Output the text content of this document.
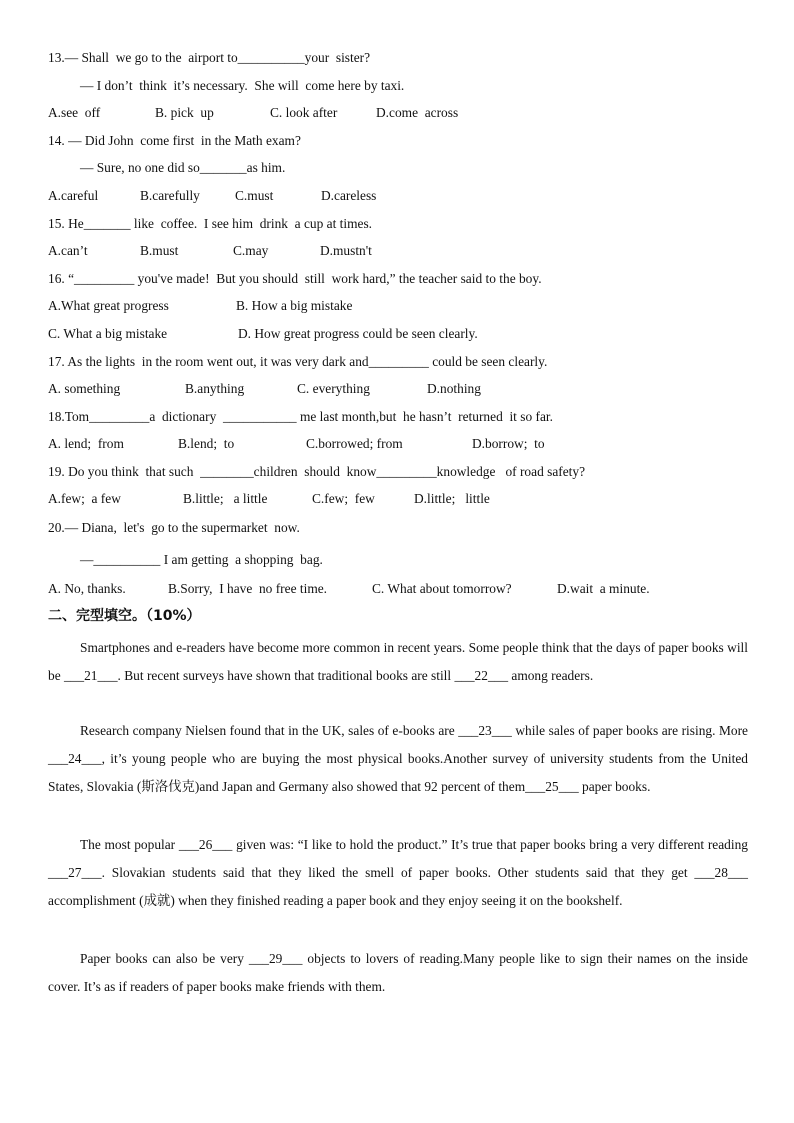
13.— Shall  we go to the  airport to__________your  sister?
— I don’t  think  it’s necessary.  She will  come here by taxi.
A.see  off	B. pick  up	C. look after	D.come  across
14. — Did John  come first  in the Math exam?
— Sure, no one did so_______as him.
A.careful	B.carefully	C.must	D.careless
15. He_______ like  coffee.  I see him  drink  a cup at times.
A.can’t	B.must	C.may	D.mustn't
16. “_________ you've made!  But you should  still  work hard,” the teacher said to the boy.
A.What great progress	B. How a big mistake
C. What a big mistake	D. How great progress could be seen clearly.
17. As the lights  in the room went out, it was very dark and_________ could be seen clearly.
A. something	B.anything	C. everything	D.nothing
18.Tom_________a  dictionary  ___________ me last month,but  he hasn’t  returned  it so far.
A. lend;  from	B.lend;  to	C.borrowed; from	D.borrow;  to
19. Do you think  that such  ________children  should  know_________knowledge   of road safety?
A.few;  a few	B.little;   a little	C.few;  few	D.little;   little
20.— Diana,  let's  go to the supermarket  now.
—__________ I am getting  a shopping  bag.
A. No, thanks.	B.Sorry,  I have  no free time.	C. What about tomorrow?	D.wait  a minute.
二、完型填空。（10%）

Smartphones and e-readers have become more common in recent years. Some people think that the days of paper books will be ___21___. But recent surveys have shown that traditional books are still ___22___ among readers.

Research company Nielsen found that in the UK, sales of e-books are ___23___ while sales of paper books are rising. More ___24___, it’s young people who are buying the most physical books.Another survey of university students from the United States, Slovakia (斯洛伐克)and Japan and Germany also showed that 92 percent of them___25___ paper books.

The most popular ___26___ given was: “I like to hold the product.” It’s true that paper books bring a very different reading ___27___. Slovakian students said that they liked the smell of paper books. Other students said that they get ___28___ accomplishment (成就) when they finished reading a paper book and they enjoy seeing it on the bookshelf.

Paper books can also be very ___29___ objects to lovers of reading.Many people like to sign their names on the inside cover. It’s as if readers of paper books make friends with them.
